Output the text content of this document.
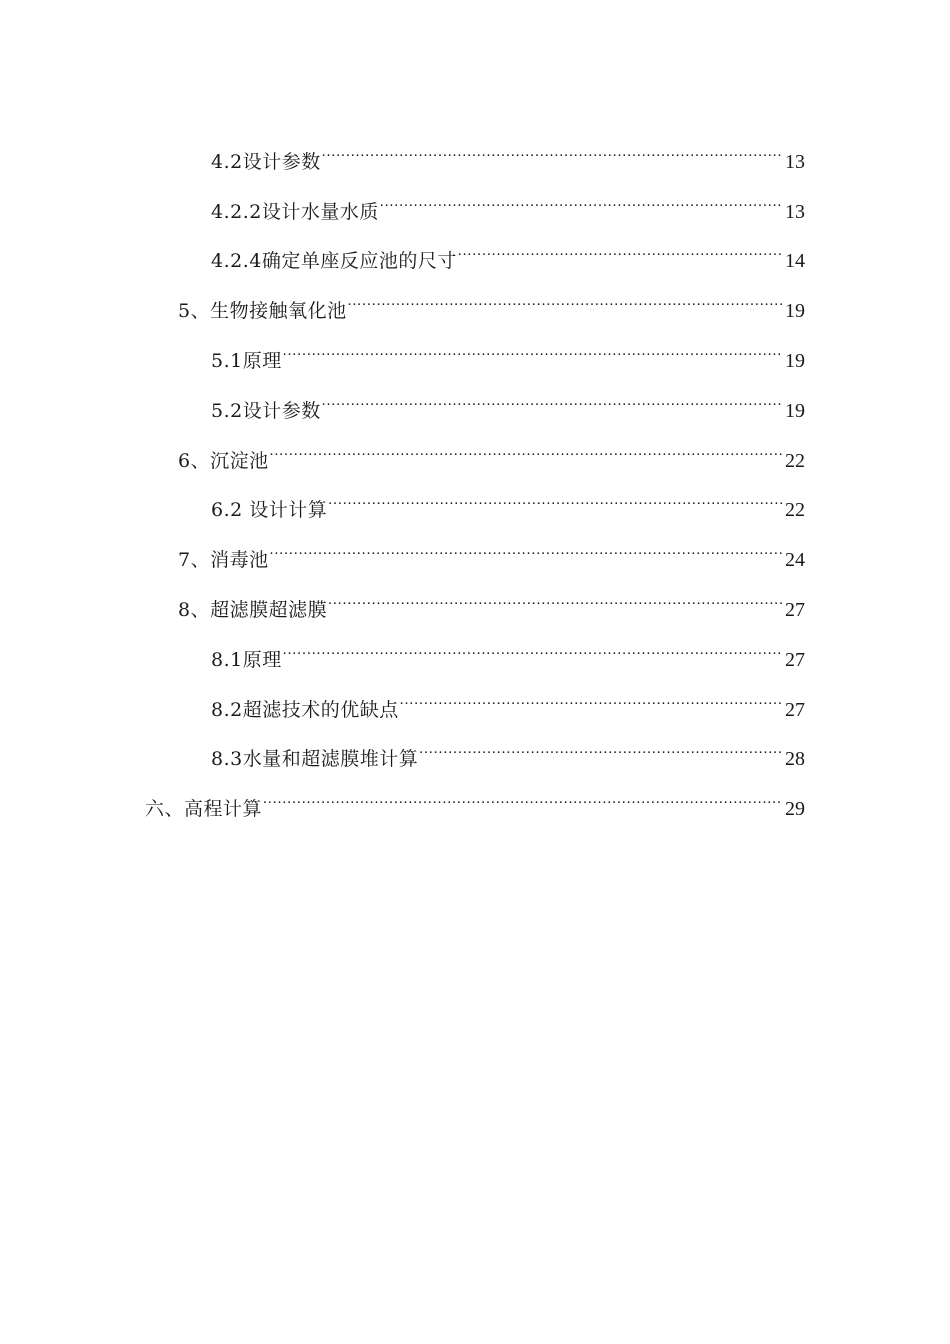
4.2设计参数 .....	13
4.2.2设计水量水质 .....	13
4.2.4确定单座反应池的尺寸 .....	14
5、生物接触氧化池 .....	19
5.1原理 .....	19
5.2设计参数 .....	19
6、沉淀池 .....	22
6.2 设计计算 .....	22
7、消毒池 .....	24
8、超滤膜超滤膜 .....	27
8.1原理 .....	27
8.2超滤技术的优缺点 .....	27
8.3水量和超滤膜堆计算 .....	28
六、高程计算 .....	29
